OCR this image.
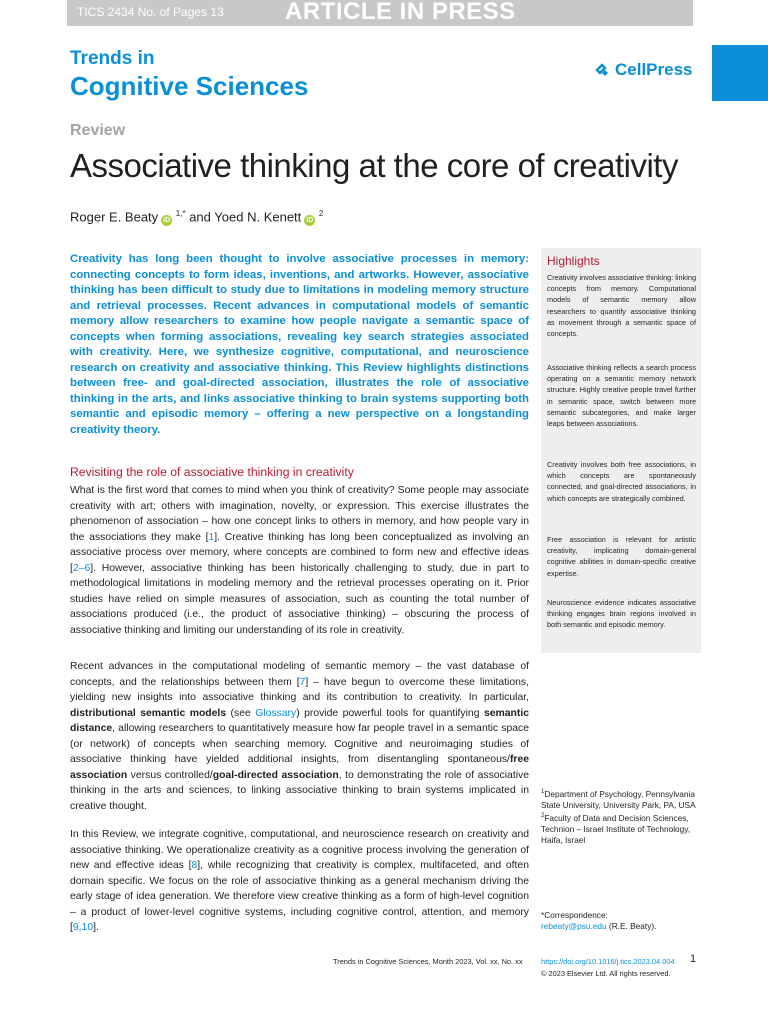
TICS 2434 No. of Pages 13	ARTICLE IN PRESS
Trends in
Cognitive Sciences
CellPress
Review
Associative thinking at the core of creativity
Roger E. Beaty iD $^{1,*}$ and Yoed N. Kenett iD $^2$
Creativity has long been thought to involve associative processes in memory: connecting concepts to form ideas, inventions, and artworks. However, associative thinking has been difficult to study due to limitations in modeling memory structure and retrieval processes. Recent advances in computational models of semantic memory allow researchers to examine how people navigate a semantic space of concepts when forming associations, revealing key search strategies associated with creativity. Here, we synthesize cognitive, computational, and neuroscience research on creativity and associative thinking. This Review highlights distinctions between free- and goal-directed association, illustrates the role of associative thinking in the arts, and links associative thinking to brain systems supporting both semantic and episodic memory – offering a new perspective on a longstanding creativity theory.
Revisiting the role of associative thinking in creativity
What is the first word that comes to mind when you think of creativity? Some people may associate creativity with art; others with imagination, novelty, or expression. This exercise illustrates the phenomenon of association – how one concept links to others in memory, and how people vary in the associations they make [1]. Creative thinking has long been conceptualized as involving an associative process over memory, where concepts are combined to form new and effective ideas [2–6]. However, associative thinking has been historically challenging to study, due in part to methodological limitations in modeling memory and the retrieval processes operating on it. Prior studies have relied on simple measures of association, such as counting the total number of associations produced (i.e., the product of associative thinking) – obscuring the process of associative thinking and limiting our understanding of its role in creativity.
Recent advances in the computational modeling of semantic memory – the vast database of concepts, and the relationships between them [7] – have begun to overcome these limitations, yielding new insights into associative thinking and its contribution to creativity. In particular, distributional semantic models (see Glossary) provide powerful tools for quantifying semantic distance, allowing researchers to quantitatively measure how far people travel in a semantic space (or network) of concepts when searching memory. Cognitive and neuroimaging studies of associative thinking have yielded additional insights, from disentangling spontaneous/free association versus controlled/goal-directed association, to demonstrating the role of associative thinking in the arts and sciences, to linking associative thinking to brain systems implicated in creative thought.
In this Review, we integrate cognitive, computational, and neuroscience research on creativity and associative thinking. We operationalize creativity as a cognitive process involving the generation of new and effective ideas [8], while recognizing that creativity is complex, multifaceted, and often domain specific. We focus on the role of associative thinking as a general mechanism driving the early stage of idea generation. We therefore view creative thinking as a form of high-level cognition – a product of lower-level cognitive systems, including cognitive control, attention, and memory [9,10].
Highlights
Creativity involves associative thinking: linking concepts from memory. Computational models of semantic memory allow researchers to quantify associative thinking as movement through a semantic space of concepts.
Associative thinking reflects a search process operating on a semantic memory network structure. Highly creative people travel further in semantic space, switch between more semantic subcategories, and make larger leaps between associations.
Creativity involves both free associations, in which concepts are spontaneously connected, and goal-directed associations, in which concepts are strategically combined.
Free association is relevant for artistic creativity, implicating domain-general cognitive abilities in domain-specific creative expertise.
Neuroscience evidence indicates associative thinking engages brain regions involved in both semantic and episodic memory.
$^1$Department of Psychology, Pennsylvania State University, University Park, PA, USA
$^2$Faculty of Data and Decision Sciences, Technion – Israel Institute of Technology, Haifa, Israel
*Correspondence:
rebeaty@psu.edu (R.E. Beaty).
Trends in Cognitive Sciences, Month 2023, Vol. xx, No. xx https://doi.org/10.1016/j.tics.2023.04.004 1
© 2023 Elsevier Ltd. All rights reserved.
